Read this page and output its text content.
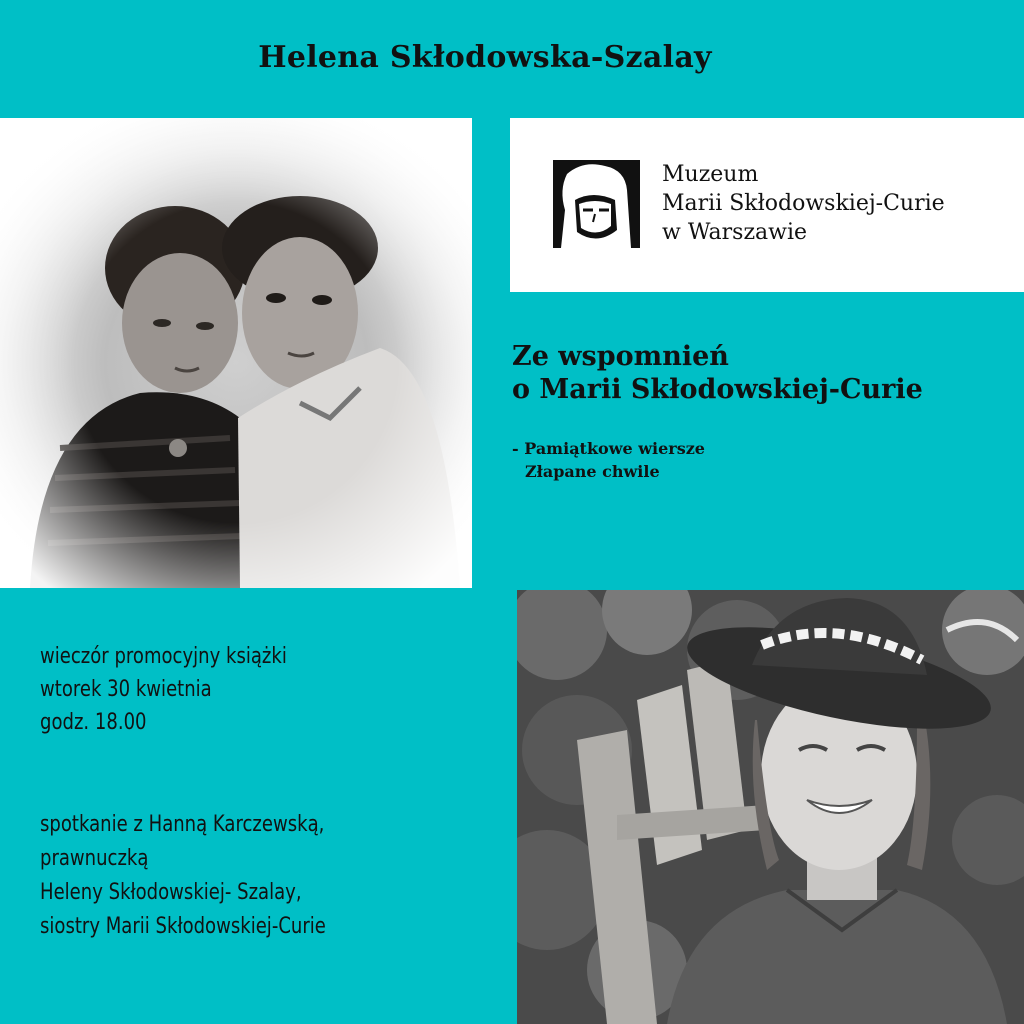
Helena Skłodowska-Szalay
Muzeum
Marii Skłodowskiej-Curie
w Warszawie
Ze wspomnień
o Marii Skłodowskiej-Curie
- Pamiątkowe wiersze
Złapane chwile
wieczór promocyjny książki
wtorek 30 kwietnia
godz. 18.00
spotkanie z Hanną Karczewską,
prawnuczką
Heleny Skłodowskiej- Szalay,
siostry Marii Skłodowskiej-Curie
